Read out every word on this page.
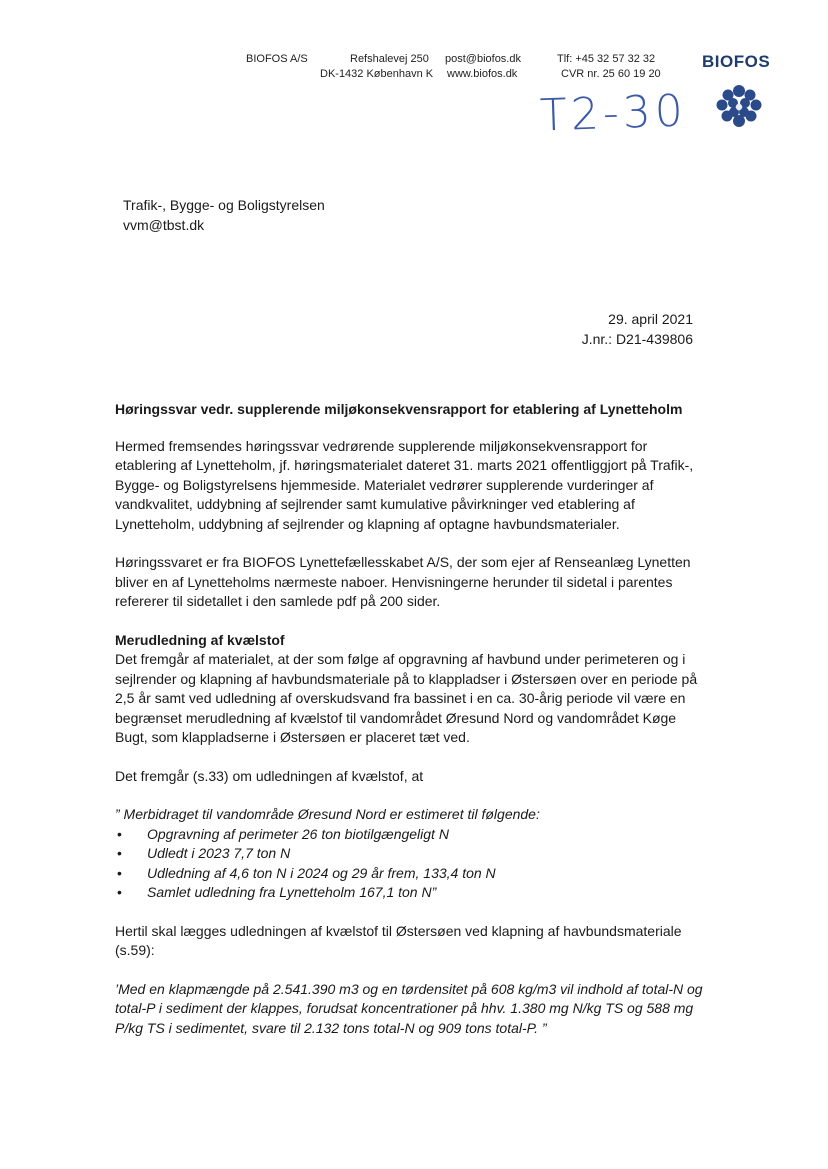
BIOFOS A/S	Refshalevej 250
DK-1432 København K
post@biofos.dk
www.biofos.dk
Tlf: +45 32 57 32 32
CVR nr. 25 60 19 20
BIOFOS
T2-30
Trafik-, Bygge- og Boligstyrelsen
vvm@tbst.dk
29. april 2021
J.nr.: D21-439806

Høringssvar vedr. supplerende miljøkonsekvensrapport for etablering af Lynetteholm

Hermed fremsendes høringssvar vedrørende supplerende miljøkonsekvensrapport for etablering af Lynetteholm, jf. høringsmaterialet dateret 31. marts 2021 offentliggjort på Trafik-, Bygge- og Boligstyrelsens hjemmeside. Materialet vedrører supplerende vurderinger af vandkvalitet, uddybning af sejlrender samt kumulative påvirkninger ved etablering af Lynetteholm, uddybning af sejlrender og klapning af optagne havbundsmaterialer.

Høringssvaret er fra BIOFOS Lynettefællesskabet A/S, der som ejer af Renseanlæg Lynetten bliver en af Lynetteholms nærmeste naboer. Henvisningerne herunder til sidetal i parentes refererer til sidetallet i den samlede pdf på 200 sider.

Merudledning af kvælstof

Det fremgår af materialet, at der som følge af opgravning af havbund under perimeteren og i sejlrender og klapning af havbundsmateriale på to klappladser i Østersøen over en periode på 2,5 år samt ved udledning af overskudsvand fra bassinet i en ca. 30-årig periode vil være en begrænset merudledning af kvælstof til vandområdet Øresund Nord og vandområdet Køge Bugt, som klappladserne i Østersøen er placeret tæt ved.

Det fremgår (s.33) om udledningen af kvælstof, at

” Merbidraget til vandområde Øresund Nord er estimeret til følgende:

• Opgravning af perimeter 26 ton biotilgængeligt N
• Udledt i 2023 7,7 ton N
• Udledning af 4,6 ton N i 2024 og 29 år frem, 133,4 ton N
• Samlet udledning fra Lynetteholm 167,1 ton N”

Hertil skal lægges udledningen af kvælstof til Østersøen ved klapning af havbundsmateriale (s.59):

’Med en klapmængde på 2.541.390 m3 og en tørdensitet på 608 kg/m3 vil indhold af total-N og total-P i sediment der klappes, forudsat koncentrationer på hhv. 1.380 mg N/kg TS og 588 mg P/kg TS i sedimentet, svare til 2.132 tons total-N og 909 tons total-P. ”
